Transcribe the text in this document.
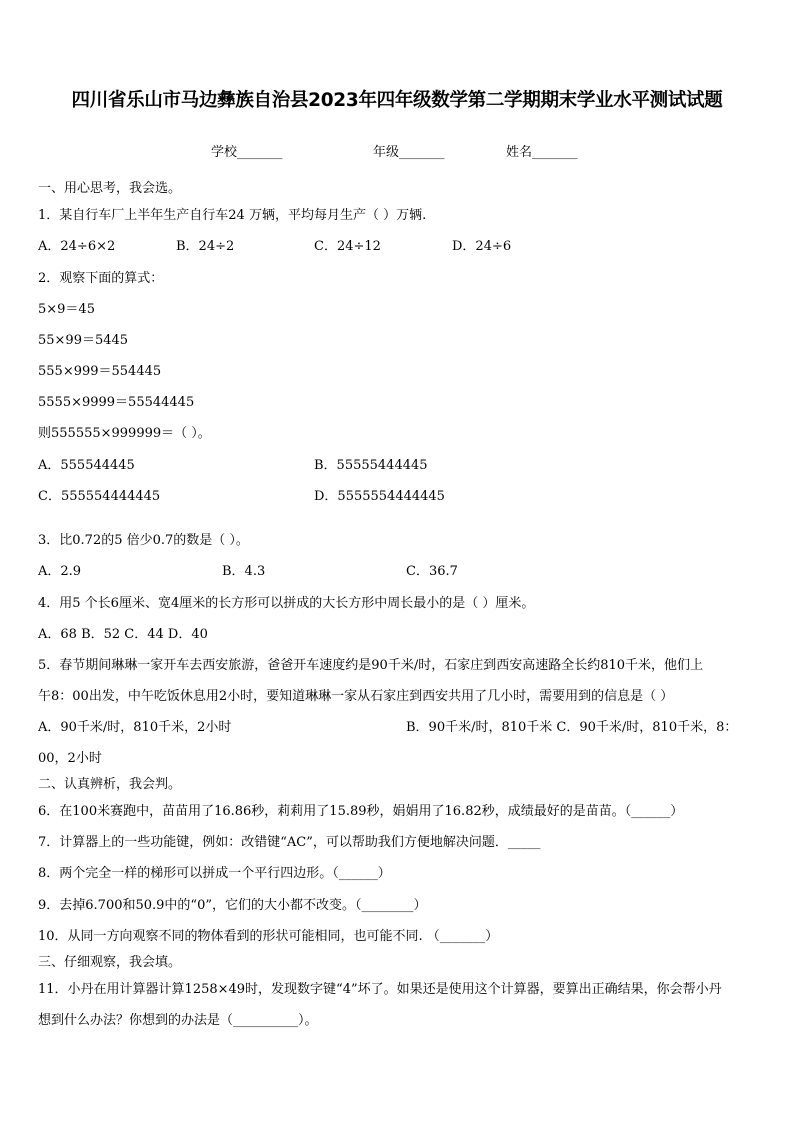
四川省乐山市马边彝族自治县2023年四年级数学第二学期期末学业水平测试试题
学校_______	年级_______	姓名_______
一、用心思考，我会选。
1．某自行车厂上半年生产自行车24 万辆，平均每月生产（ ）万辆.
A．24÷6×2	B．24÷2	C．24÷12	D．24÷6
2．观察下面的算式：
5×9＝45
55×99＝5445
555×999＝554445
5555×9999＝55544445
则555555×999999＝（ ）。
A．555544445	B．55555444445
C．555554444445	D．5555554444445
3．比0.72的5 倍少0.7的数是（ ）。
A．2.9	B．4.3	C．36.7
4．用5 个长6厘米、宽4厘米的长方形可以拼成的大长方形中周长最小的是（ ）厘米。
A．68 B．52 C．44 D．40
5．春节期间琳琳一家开车去西安旅游，爸爸开车速度约是90千米/时，石家庄到西安高速路全长约810千米，他们上
午8：00出发，中午吃饭休息用2小时，要知道琳琳一家从石家庄到西安共用了几小时，需要用到的信息是（ ）
A．90千米/时，810千米，2小时	B．90千米/时，810千米 C．90千米/时，810千米，8：
00，2小时
二、认真辨析，我会判。
6．在100米赛跑中，苗苗用了16.86秒，莉莉用了15.89秒，娟娟用了16.82秒，成绩最好的是苗苗。（______）
7．计算器上的一些功能键，例如：改错键“AC”，可以帮助我们方便地解决问题．_____
8．两个完全一样的梯形可以拼成一个平行四边形。（______）
9．去掉6.700和50.9中的“0”，它们的大小都不改变。（________）
10．从同一方向观察不同的物体看到的形状可能相同，也可能不同. （_______）
三、仔细观察，我会填。
11．小丹在用计算器计算1258×49时，发现数字键“4”坏了。如果还是使用这个计算器，要算出正确结果，你会帮小丹
想到什么办法？你想到的办法是（__________）。
